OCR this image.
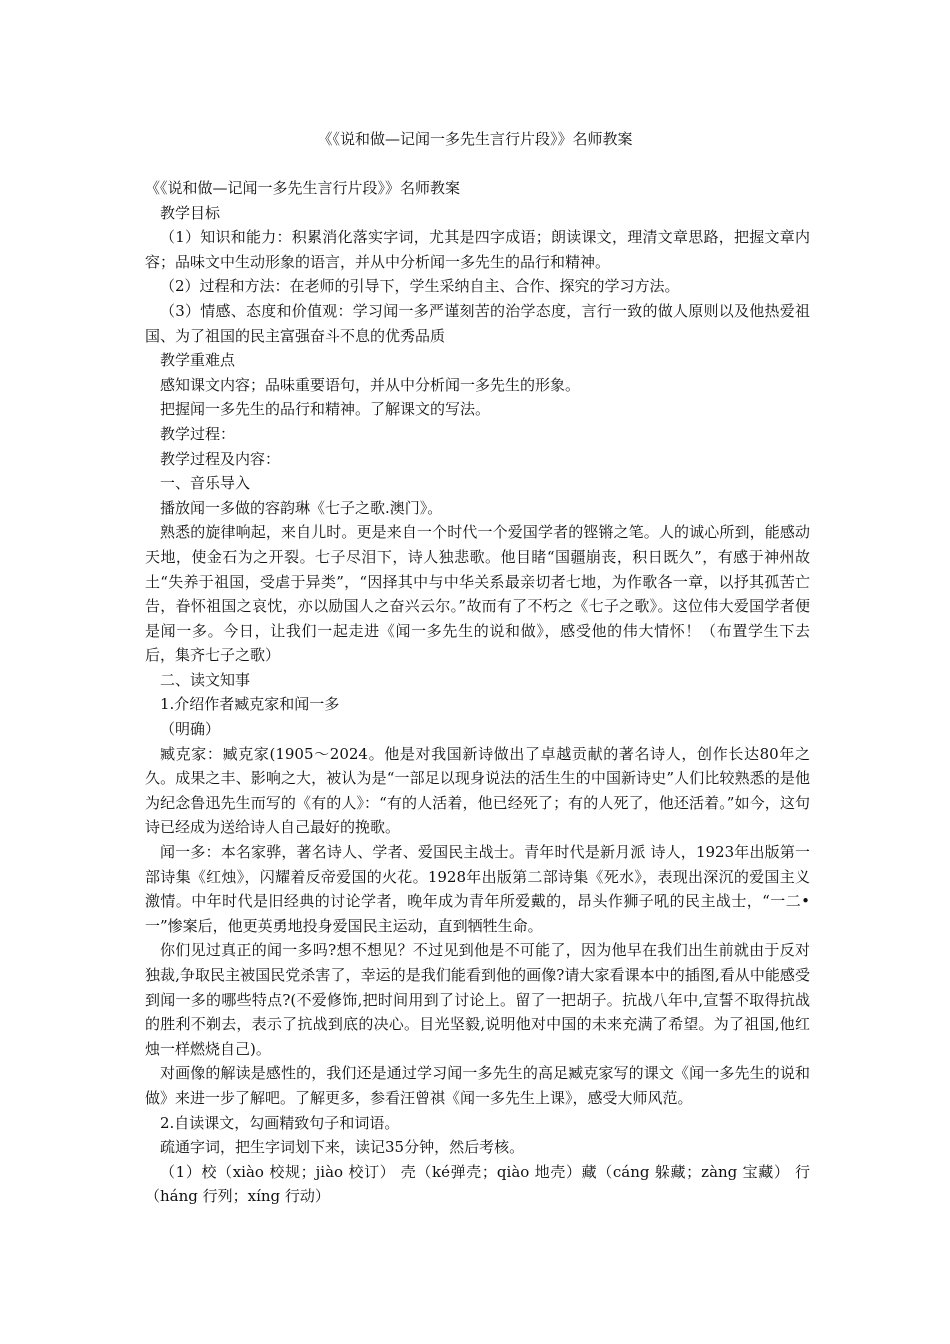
《《说和做—记闻一多先生言行片段》》名师教案

《《说和做—记闻一多先生言行片段》》名师教案

教学目标

（1）知识和能力：积累消化落实字词，尤其是四字成语；朗读课文，理清文章思路，把握文章内容；品味文中生动形象的语言，并从中分析闻一多先生的品行和精神。

（2）过程和方法：在老师的引导下，学生采纳自主、合作、探究的学习方法。

（3）情感、态度和价值观：学习闻一多严谨刻苦的治学态度，言行一致的做人原则以及他热爱祖国、为了祖国的民主富强奋斗不息的优秀品质

教学重难点

感知课文内容；品味重要语句，并从中分析闻一多先生的形象。

把握闻一多先生的品行和精神。了解课文的写法。

教学过程：

教学过程及内容：

一、音乐导入

播放闻一多做的容韵琳《七子之歌.澳门》。

熟悉的旋律响起，来自儿时。更是来自一个时代一个爱国学者的铿锵之笔。人的诚心所到，能感动天地，使金石为之开裂。七子尽泪下，诗人独悲歌。他目睹“国疆崩丧，积日既久”，有感于神州故土“失养于祖国，受虐于异类”，“因择其中与中华关系最亲切者七地，为作歌各一章，以抒其孤苦亡告，眷怀祖国之哀忱，亦以励国人之奋兴云尔。”故而有了不朽之《七子之歌》。这位伟大爱国学者便是闻一多。今日，让我们一起走进《闻一多先生的说和做》，感受他的伟大情怀！（布置学生下去后，集齐七子之歌）

二、读文知事

1.介绍作者臧克家和闻一多

（明确）

臧克家：臧克家(1905～2024。他是对我国新诗做出了卓越贡献的著名诗人，创作长达80年之久。成果之丰、影响之大，被认为是“一部足以现身说法的活生生的中国新诗史”人们比较熟悉的是他为纪念鲁迅先生而写的《有的人》：“有的人活着，他已经死了；有的人死了，他还活着。”如今，这句诗已经成为送给诗人自己最好的挽歌。

闻一多：本名家骅，著名诗人、学者、爱国民主战士。青年时代是新月派 诗人，1923年出版第一部诗集《红烛》，闪耀着反帝爱国的火花。1928年出版第二部诗集《死水》，表现出深沉的爱国主义激情。中年时代是旧经典的讨论学者，晚年成为青年所爱戴的，昂头作狮子吼的民主战士，“一二•一”惨案后，他更英勇地投身爱国民主运动，直到牺牲生命。

你们见过真正的闻一多吗?想不想见？不过见到他是不可能了，因为他早在我们出生前就由于反对独裁,争取民主被国民党杀害了，幸运的是我们能看到他的画像?请大家看课本中的插图,看从中能感受到闻一多的哪些特点?(不爱修饰,把时间用到了讨论上。留了一把胡子。抗战八年中,宣誓不取得抗战的胜利不剃去，表示了抗战到底的决心。目光坚毅,说明他对中国的未来充满了希望。为了祖国,他红烛一样燃烧自己)。

对画像的解读是感性的，我们还是通过学习闻一多先生的高足臧克家写的课文《闻一多先生的说和做》来进一步了解吧。了解更多，参看汪曾祺《闻一多先生上课》，感受大师风范。

2.自读课文，勾画精致句子和词语。

疏通字词，把生字词划下来，读记35分钟，然后考核。

（1）校（xiào 校规；jiào 校订） 壳（ké弹壳；qiào 地壳）藏（cáng 躲藏；zàng 宝藏） 行（háng 行列；xíng 行动）
